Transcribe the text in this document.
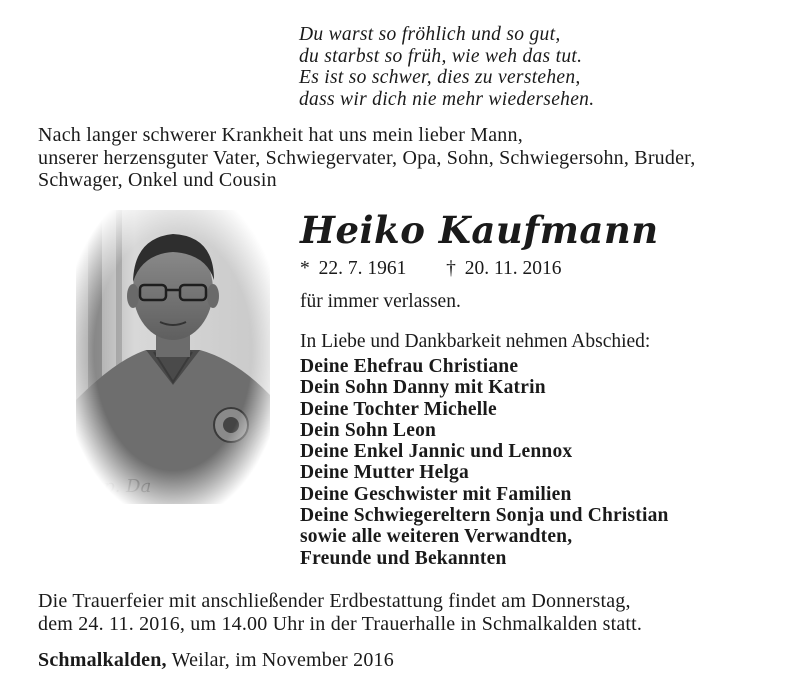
Du warst so fröhlich und so gut,
du starbst so früh, wie weh das tut.
Es ist so schwer, dies zu verstehen,
dass wir dich nie mehr wiedersehen.
Nach langer schwerer Krankheit hat uns mein lieber Mann,
unserer herzensguter Vater, Schwiegervater, Opa, Sohn, Schwiegersohn, Bruder,
Schwager, Onkel und Cousin
Heiko Kaufmann
* 22. 7. 1961 † 20. 11. 2016
für immer verlassen.
In Liebe und Dankbarkeit nehmen Abschied:
Deine Ehefrau Christiane
Dein Sohn Danny mit Katrin
Deine Tochter Michelle
Dein Sohn Leon
Deine Enkel Jannic und Lennox
Deine Mutter Helga
Deine Geschwister mit Familien
Deine Schwiegereltern Sonja und Christian
sowie alle weiteren Verwandten,
Freunde und Bekannten
Die Trauerfeier mit anschließender Erdbestattung findet am Donnerstag,
dem 24. 11. 2016, um 14.00 Uhr in der Trauerhalle in Schmalkalden statt.
Schmalkalden, Weilar, im November 2016
